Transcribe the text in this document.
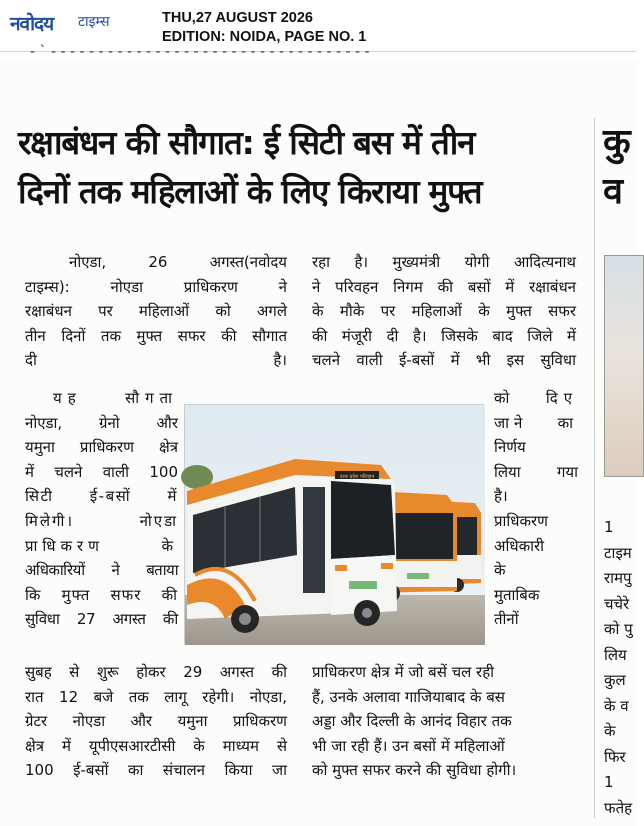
नवोदय टाइम्स	THU,27 AUGUST 2026
EDITION: NOIDA, PAGE NO. 1
- ` - - - - - - - - - - - - - - - - - - - - - - - - - - - - - - - - - -
रक्षाबंधन की सौगात: ई सिटी बस में तीन
दिनों तक महिलाओं के लिए किराया मुफ्त
कु
व
1
टाइम
रामपु
चचेरे
को पु
लिय
कुल
के व
के
फिर
1
फतेह
नोएडा, 26 अगस्त(नवोदय
टाइम्स): नोएडा प्राधिकरण ने
रक्षाबंधन पर महिलाओं को अगले
तीन दिनों तक मुफ्त सफर की सौगात
दी है।
यह सौगता
नोएडा, ग्रेनो और
यमुना प्राधिकरण क्षेत्र
में चलने वाली 100
सिटी ई-बसों में
मिलेगी। नोएडा
प्राधिकरण के
अधिकारियों ने बताया
कि मुफ्त सफर की
सुविधा 27 अगस्त की
सुबह से शुरू होकर 29 अगस्त की
रात 12 बजे तक लागू रहेगी। नोएडा,
ग्रेटर नोएडा और यमुना प्राधिकरण
क्षेत्र में यूपीएसआरटीसी के माध्यम से
100 ई-बसों का संचालन किया जा
रहा है। मुख्यमंत्री योगी आदित्यनाथ
ने परिवहन निगम की बसों में रक्षाबंधन
के मौके पर महिलाओं के मुफ्त सफर
की मंजूरी दी है। जिसके बाद जिले में
चलने वाली ई-बसों में भी इस सुविधा
को दिए
जाने का
निर्णय
लिया गया
है।
प्राधिकरण
अधिकारी
के
मुताबिक
तीनों
प्राधिकरण क्षेत्र में जो बसें चल रही
हैं, उनके अलावा गाजियाबाद के बस
अड्डा और दिल्ली के आनंद विहार तक
भी जा रही हैं। उन बसों में महिलाओं
को मुफ्त सफर करने की सुविधा होगी।
उत्तर प्रदेश परिवहन
